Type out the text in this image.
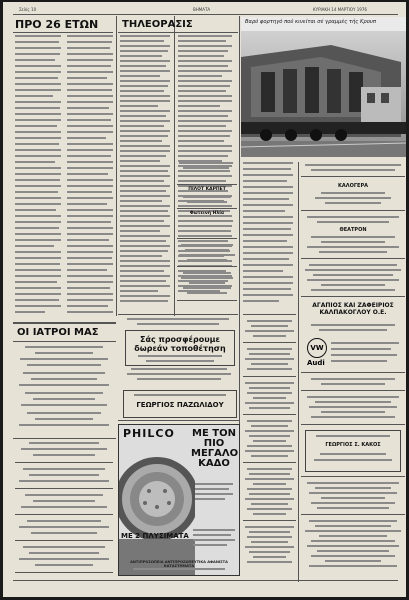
Σελίς 10	ΒΗΜΑΤΑ	ΚΥΡΙΑΚΗ 14 ΜΑΡΤΙΟΥ 1976
ΠΡΟ 26 ΕΤΩΝ
ΟΙ ΙΑΤΡΟΙ ΜΑΣ
ΤΗΛΕΟΡΑΣΙΣ
Σάς προσφέρουμε δωρεάν τοποθέτηση
ΓΕΩΡΓΙΟΣ ΠΑΖΩΛΙΔΟΥ
Βαρύ φορτηγό πού κινείται σέ γραμμές τής Κρουπ
ΚΑΛΟΓΕΡΑ
ΘΕΑΤΡΟΝ
ΑΓΑΠΙΟΣ ΚΑΙ ΖΑΦΕΙΡΙΟΣ ΚΑΛΠΑΚΟΓΛΟΥ Ο.Ε.
VW
Audi
ΓΕΩΡΓΙΟΣ Σ. ΚΑΚΟΣ
ΠΙΛΟΤ ΚΑΡΠΕΤ
Φωτεινή Ηλία
PHILCO ΜΕ ΤΟΝ ΠΙΟ ΜΕΓΑΛΟ ΚΑΔΟ
ΜΕ 2 ΠΛΥΣΙΜΑΤΑ
ΑΝΤΙΠΡΟΣΩΠΕΙΑ ΑΝΤΙΠΡΟΣΩΠΕΥΤΙΚΑ ΑΦΑΝΙΣΤΑ ΚΑΤΑΣΤΗΜΑΤΑ
